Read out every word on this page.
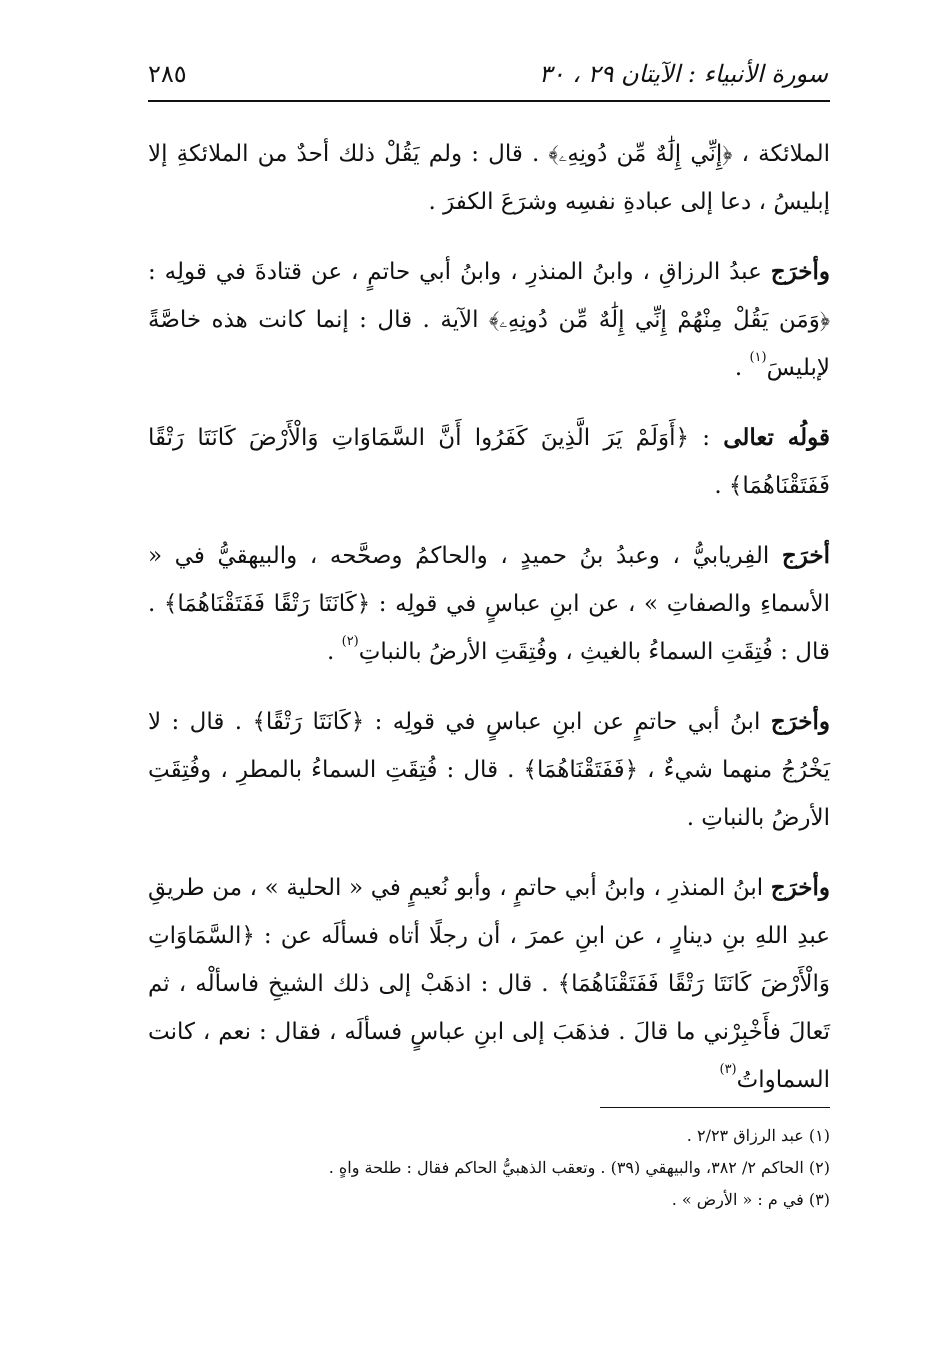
سورة الأنبياء : الآيتان ٢٩ ، ٣٠
٢٨٥

الملائكة ، ﴿إِنِّي إِلَٰهٌ مِّن دُونِهِۦ﴾ . قال : ولم يَقُلْ ذلك أحدٌ من الملائكةِ إلا إبليسُ ، دعا إلى عبادةِ نفسِه وشرَعَ الكفرَ .

وأخرَج عبدُ الرزاقِ ، وابنُ المنذرِ ، وابنُ أبي حاتمٍ ، عن قتادةَ في قولِه : ﴿وَمَن يَقُلْ مِنْهُمْ إِنِّي إِلَٰهٌ مِّن دُونِهِۦ﴾ الآية . قال : إنما كانت هذه خاصَّةً لإبليسَ$^{(١)}$ .

قولُه تعالى : ﴿أَوَلَمْ يَرَ الَّذِينَ كَفَرُوا أَنَّ السَّمَاوَاتِ وَالْأَرْضَ كَانَتَا رَتْقًا فَفَتَقْنَاهُمَا﴾ .

أخرَج الفِريابيُّ ، وعبدُ بنُ حميدٍ ، والحاكمُ وصحَّحه ، والبيهقيُّ في « الأسماءِ والصفاتِ » ، عن ابنِ عباسٍ في قولِه : ﴿كَانَتَا رَتْقًا فَفَتَقْنَاهُمَا﴾ . قال : فُتِقَتِ السماءُ بالغيثِ ، وفُتِقَتِ الأرضُ بالنباتِ$^{(٢)}$ .

وأخرَج ابنُ أبي حاتمٍ عن ابنِ عباسٍ في قولِه : ﴿كَانَتَا رَتْقًا﴾ . قال : لا يَخْرُجُ منهما شيءٌ ، ﴿فَفَتَقْنَاهُمَا﴾ . قال : فُتِقَتِ السماءُ بالمطرِ ، وفُتِقَتِ الأرضُ بالنباتِ .

وأخرَج ابنُ المنذرِ ، وابنُ أبي حاتمٍ ، وأبو نُعيمٍ في « الحلية » ، من طريقِ عبدِ اللهِ بنِ دينارٍ ، عن ابنِ عمرَ ، أن رجلًا أتاه فسألَه عن : ﴿السَّمَاوَاتِ وَالْأَرْضَ كَانَتَا رَتْقًا فَفَتَقْنَاهُمَا﴾ . قال : اذهَبْ إلى ذلك الشيخِ فاسألْه ، ثم تَعالَ فأَخْبِرْني ما قالَ . فذهَبَ إلى ابنِ عباسٍ فسألَه ، فقال : نعم ، كانت السماواتُ$^{(٣)}$

(١) عبد الرزاق ٢/٢٣ .

(٢) الحاكم ٢/ ٣٨٢، والبيهقي (٣٩) . وتعقب الذهبيُّ الحاكم فقال : طلحة واهٍ .

(٣) في م : « الأرض » .
